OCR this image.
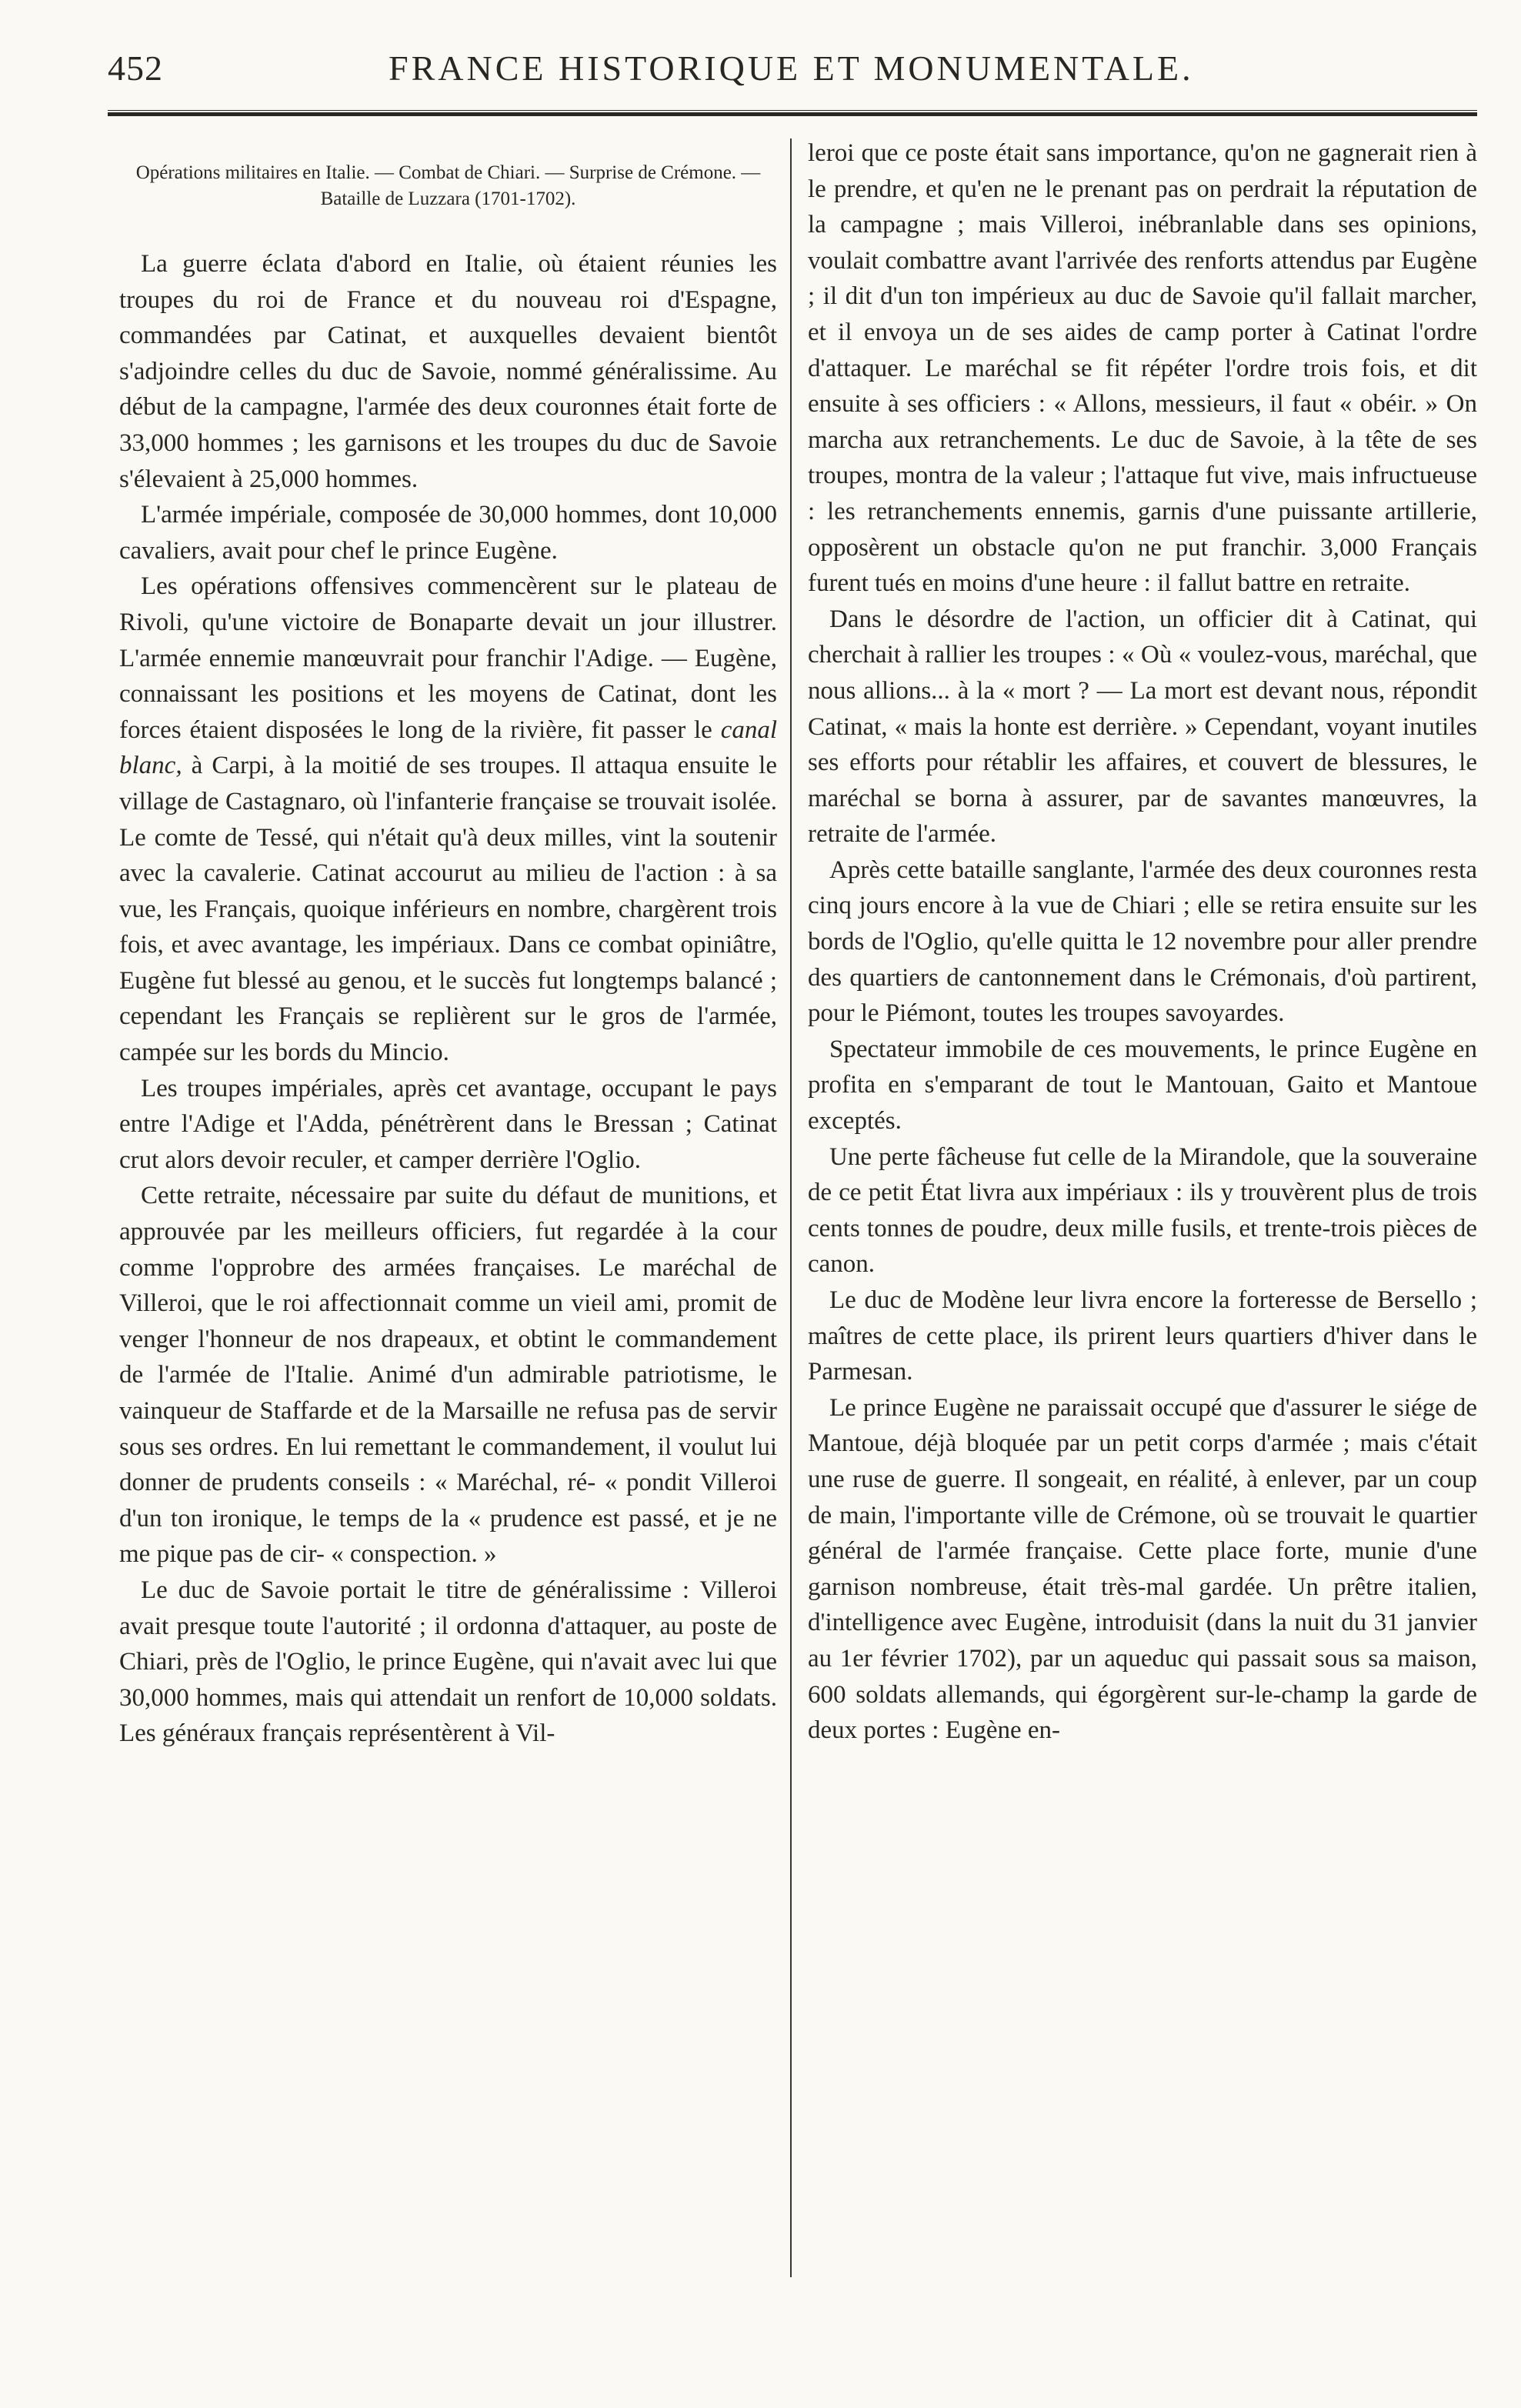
452	FRANCE HISTORIQUE ET MONUMENTALE.
Opérations militaires en Italie. — Combat de Chiari. — Surprise de Crémone. — Bataille de Luzzara (1701-1702).

La guerre éclata d'abord en Italie, où étaient réunies les troupes du roi de France et du nouveau roi d'Espagne, commandées par Catinat, et auxquelles devaient bientôt s'adjoindre celles du duc de Savoie, nommé généralissime. Au début de la campagne, l'armée des deux couronnes était forte de 33,000 hommes ; les garnisons et les troupes du duc de Savoie s'élevaient à 25,000 hommes.

L'armée impériale, composée de 30,000 hommes, dont 10,000 cavaliers, avait pour chef le prince Eugène.

Les opérations offensives commencèrent sur le plateau de Rivoli, qu'une victoire de Bonaparte devait un jour illustrer. L'armée ennemie manœuvrait pour franchir l'Adige. — Eugène, connaissant les positions et les moyens de Catinat, dont les forces étaient disposées le long de la rivière, fit passer le canal blanc, à Carpi, à la moitié de ses troupes. Il attaqua ensuite le village de Castagnaro, où l'infanterie française se trouvait isolée. Le comte de Tessé, qui n'était qu'à deux milles, vint la soutenir avec la cavalerie. Catinat accourut au milieu de l'action : à sa vue, les Français, quoique inférieurs en nombre, chargèrent trois fois, et avec avantage, les impériaux. Dans ce combat opiniâtre, Eugène fut blessé au genou, et le succès fut longtemps balancé ; cependant les Français se replièrent sur le gros de l'armée, campée sur les bords du Mincio.

Les troupes impériales, après cet avantage, occupant le pays entre l'Adige et l'Adda, pénétrèrent dans le Bressan ; Catinat crut alors devoir reculer, et camper derrière l'Oglio.

Cette retraite, nécessaire par suite du défaut de munitions, et approuvée par les meilleurs officiers, fut regardée à la cour comme l'opprobre des armées françaises. Le maréchal de Villeroi, que le roi affectionnait comme un vieil ami, promit de venger l'honneur de nos drapeaux, et obtint le commandement de l'armée de l'Italie. Animé d'un admirable patriotisme, le vainqueur de Staffarde et de la Marsaille ne refusa pas de servir sous ses ordres. En lui remettant le commandement, il voulut lui donner de prudents conseils : « Maréchal, ré- « pondit Villeroi d'un ton ironique, le temps de la « prudence est passé, et je ne me pique pas de cir- « conspection. »

Le duc de Savoie portait le titre de généralissime : Villeroi avait presque toute l'autorité ; il ordonna d'attaquer, au poste de Chiari, près de l'Oglio, le prince Eugène, qui n'avait avec lui que 30,000 hommes, mais qui attendait un renfort de 10,000 soldats. Les généraux français représentèrent à Vil-

leroi que ce poste était sans importance, qu'on ne gagnerait rien à le prendre, et qu'en ne le prenant pas on perdrait la réputation de la campagne ; mais Villeroi, inébranlable dans ses opinions, voulait combattre avant l'arrivée des renforts attendus par Eugène ; il dit d'un ton impérieux au duc de Savoie qu'il fallait marcher, et il envoya un de ses aides de camp porter à Catinat l'ordre d'attaquer. Le maréchal se fit répéter l'ordre trois fois, et dit ensuite à ses officiers : « Allons, messieurs, il faut « obéir. » On marcha aux retranchements. Le duc de Savoie, à la tête de ses troupes, montra de la valeur ; l'attaque fut vive, mais infructueuse : les retranchements ennemis, garnis d'une puissante artillerie, opposèrent un obstacle qu'on ne put franchir. 3,000 Français furent tués en moins d'une heure : il fallut battre en retraite.

Dans le désordre de l'action, un officier dit à Catinat, qui cherchait à rallier les troupes : « Où « voulez-vous, maréchal, que nous allions... à la « mort ? — La mort est devant nous, répondit Catinat, « mais la honte est derrière. » Cependant, voyant inutiles ses efforts pour rétablir les affaires, et couvert de blessures, le maréchal se borna à assurer, par de savantes manœuvres, la retraite de l'armée.

Après cette bataille sanglante, l'armée des deux couronnes resta cinq jours encore à la vue de Chiari ; elle se retira ensuite sur les bords de l'Oglio, qu'elle quitta le 12 novembre pour aller prendre des quartiers de cantonnement dans le Crémonais, d'où partirent, pour le Piémont, toutes les troupes savoyardes.

Spectateur immobile de ces mouvements, le prince Eugène en profita en s'emparant de tout le Mantouan, Gaito et Mantoue exceptés.

Une perte fâcheuse fut celle de la Mirandole, que la souveraine de ce petit État livra aux impériaux : ils y trouvèrent plus de trois cents tonnes de poudre, deux mille fusils, et trente-trois pièces de canon.

Le duc de Modène leur livra encore la forteresse de Bersello ; maîtres de cette place, ils prirent leurs quartiers d'hiver dans le Parmesan.

Le prince Eugène ne paraissait occupé que d'assurer le siége de Mantoue, déjà bloquée par un petit corps d'armée ; mais c'était une ruse de guerre. Il songeait, en réalité, à enlever, par un coup de main, l'importante ville de Crémone, où se trouvait le quartier général de l'armée française. Cette place forte, munie d'une garnison nombreuse, était très-mal gardée. Un prêtre italien, d'intelligence avec Eugène, introduisit (dans la nuit du 31 janvier au 1er février 1702), par un aqueduc qui passait sous sa maison, 600 soldats allemands, qui égorgèrent sur-le-champ la garde de deux portes : Eugène en-
